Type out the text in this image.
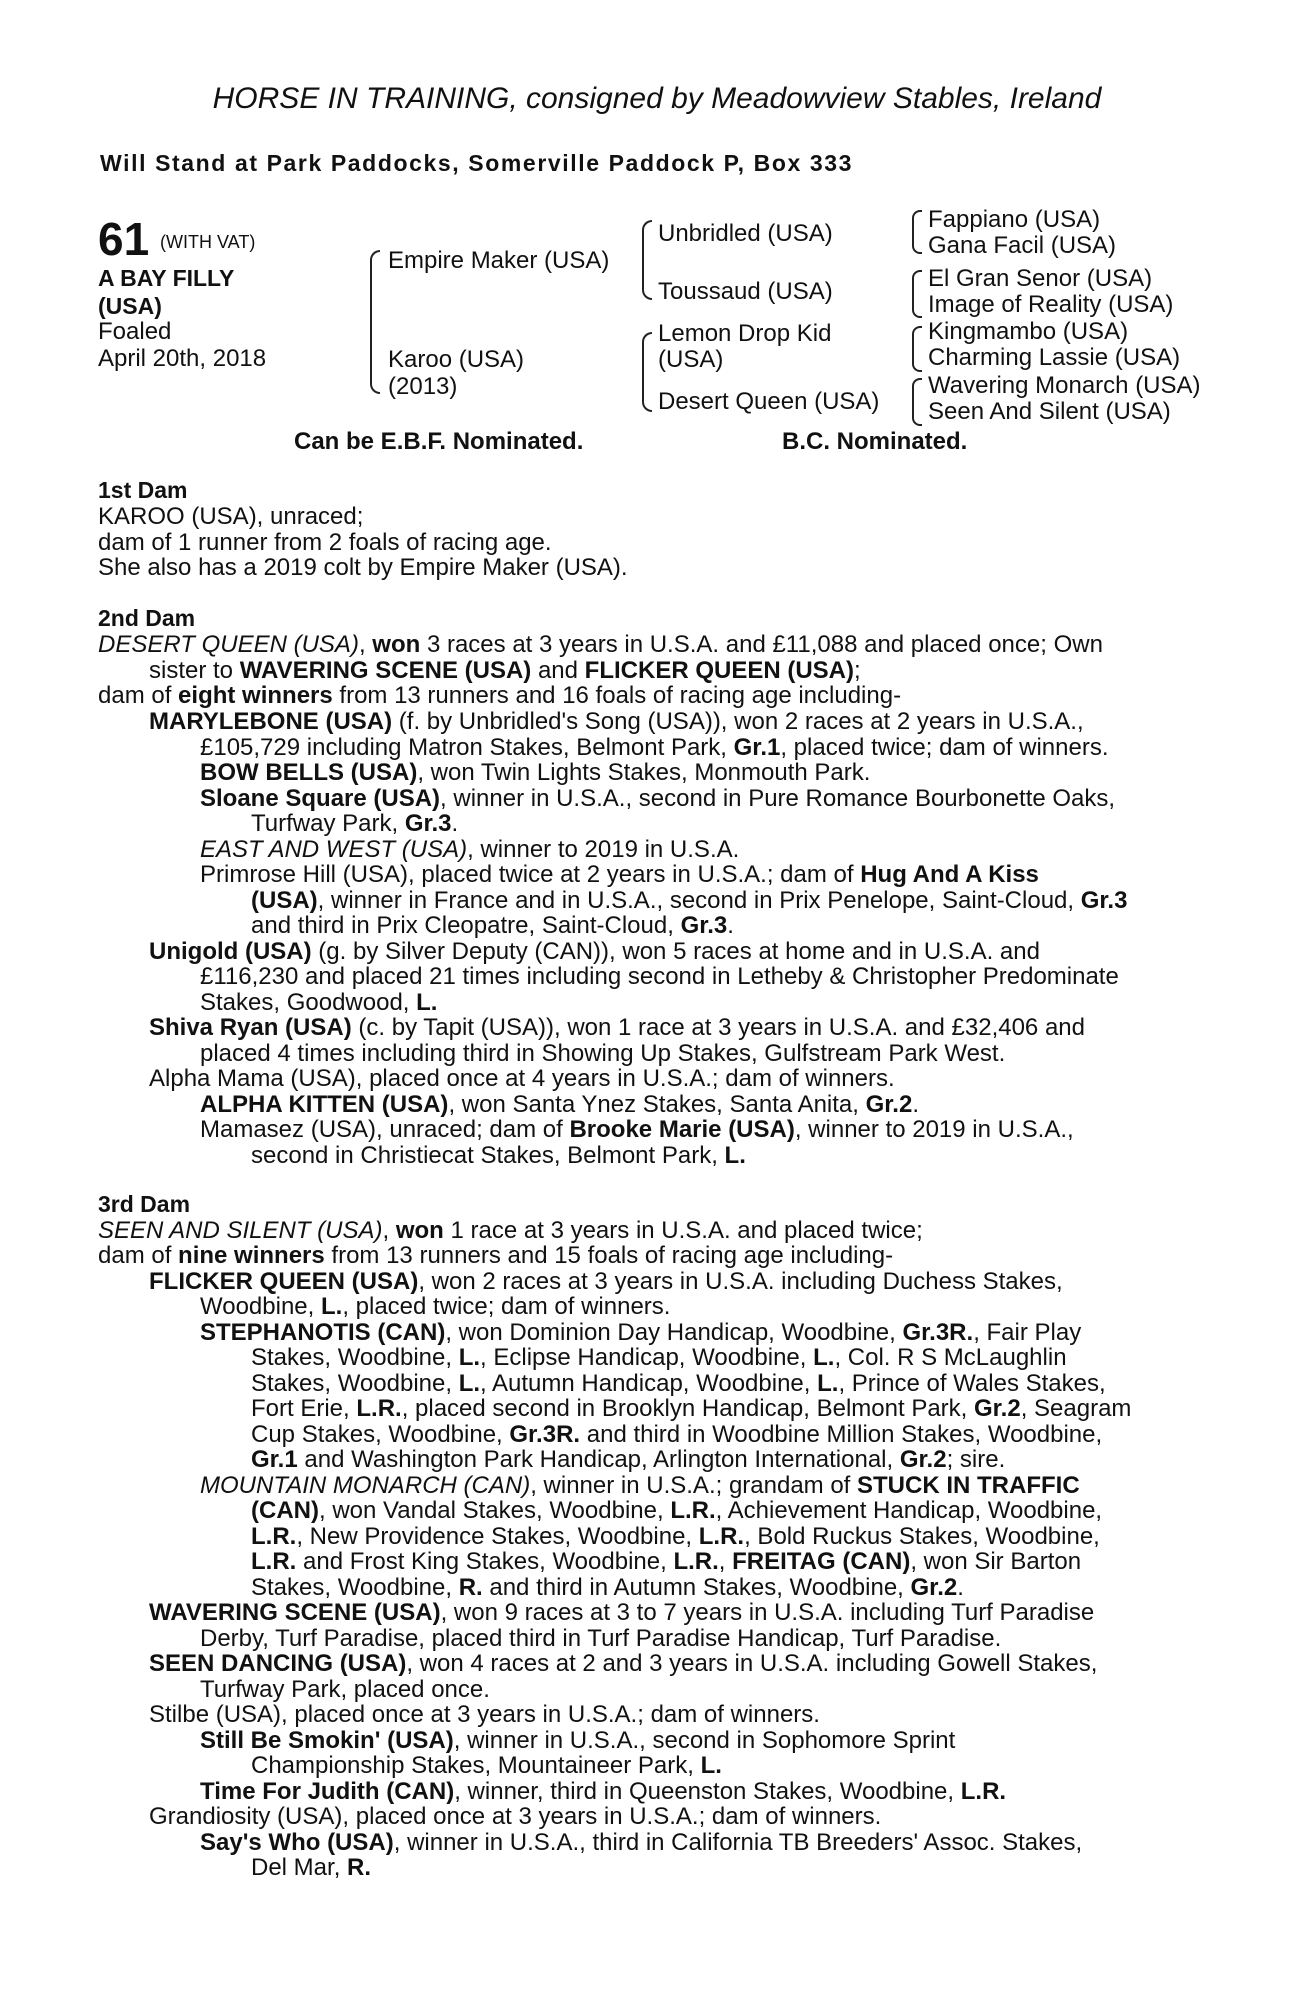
HORSE IN TRAINING, consigned by Meadowview Stables, Ireland
Will Stand at Park Paddocks, Somerville Paddock P, Box 333
61 (WITH VAT)
A BAY FILLY
(USA)
Foaled
April 20th, 2018
Empire Maker (USA)
Karoo (USA)
(2013)
Unbridled (USA)
Toussaud (USA)
Lemon Drop Kid
(USA)
Desert Queen (USA)
Fappiano (USA)
Gana Facil (USA)
El Gran Senor (USA)
Image of Reality (USA)
Kingmambo (USA)
Charming Lassie (USA)
Wavering Monarch (USA)
Seen And Silent (USA)
Can be E.B.F. Nominated.	B.C. Nominated.
1st Dam
KAROO (USA), unraced;
dam of 1 runner from 2 foals of racing age.
She also has a 2019 colt by Empire Maker (USA).
2nd Dam
DESERT QUEEN (USA), won 3 races at 3 years in U.S.A. and £11,088 and placed once; Own
sister to WAVERING SCENE (USA) and FLICKER QUEEN (USA);
dam of eight winners from 13 runners and 16 foals of racing age including-
MARYLEBONE (USA) (f. by Unbridled's Song (USA)), won 2 races at 2 years in U.S.A.,
£105,729 including Matron Stakes, Belmont Park, Gr.1, placed twice; dam of winners.
BOW BELLS (USA), won Twin Lights Stakes, Monmouth Park.
Sloane Square (USA), winner in U.S.A., second in Pure Romance Bourbonette Oaks,
Turfway Park, Gr.3.
EAST AND WEST (USA), winner to 2019 in U.S.A.
Primrose Hill (USA), placed twice at 2 years in U.S.A.; dam of Hug And A Kiss
(USA), winner in France and in U.S.A., second in Prix Penelope, Saint-Cloud, Gr.3
and third in Prix Cleopatre, Saint-Cloud, Gr.3.
Unigold (USA) (g. by Silver Deputy (CAN)), won 5 races at home and in U.S.A. and
£116,230 and placed 21 times including second in Letheby & Christopher Predominate
Stakes, Goodwood, L.
Shiva Ryan (USA) (c. by Tapit (USA)), won 1 race at 3 years in U.S.A. and £32,406 and
placed 4 times including third in Showing Up Stakes, Gulfstream Park West.
Alpha Mama (USA), placed once at 4 years in U.S.A.; dam of winners.
ALPHA KITTEN (USA), won Santa Ynez Stakes, Santa Anita, Gr.2.
Mamasez (USA), unraced; dam of Brooke Marie (USA), winner to 2019 in U.S.A.,
second in Christiecat Stakes, Belmont Park, L.
3rd Dam
SEEN AND SILENT (USA), won 1 race at 3 years in U.S.A. and placed twice;
dam of nine winners from 13 runners and 15 foals of racing age including-
FLICKER QUEEN (USA), won 2 races at 3 years in U.S.A. including Duchess Stakes,
Woodbine, L., placed twice; dam of winners.
STEPHANOTIS (CAN), won Dominion Day Handicap, Woodbine, Gr.3R., Fair Play
Stakes, Woodbine, L., Eclipse Handicap, Woodbine, L., Col. R S McLaughlin
Stakes, Woodbine, L., Autumn Handicap, Woodbine, L., Prince of Wales Stakes,
Fort Erie, L.R., placed second in Brooklyn Handicap, Belmont Park, Gr.2, Seagram
Cup Stakes, Woodbine, Gr.3R. and third in Woodbine Million Stakes, Woodbine,
Gr.1 and Washington Park Handicap, Arlington International, Gr.2; sire.
MOUNTAIN MONARCH (CAN), winner in U.S.A.; grandam of STUCK IN TRAFFIC
(CAN), won Vandal Stakes, Woodbine, L.R., Achievement Handicap, Woodbine,
L.R., New Providence Stakes, Woodbine, L.R., Bold Ruckus Stakes, Woodbine,
L.R. and Frost King Stakes, Woodbine, L.R., FREITAG (CAN), won Sir Barton
Stakes, Woodbine, R. and third in Autumn Stakes, Woodbine, Gr.2.
WAVERING SCENE (USA), won 9 races at 3 to 7 years in U.S.A. including Turf Paradise
Derby, Turf Paradise, placed third in Turf Paradise Handicap, Turf Paradise.
SEEN DANCING (USA), won 4 races at 2 and 3 years in U.S.A. including Gowell Stakes,
Turfway Park, placed once.
Stilbe (USA), placed once at 3 years in U.S.A.; dam of winners.
Still Be Smokin' (USA), winner in U.S.A., second in Sophomore Sprint
Championship Stakes, Mountaineer Park, L.
Time For Judith (CAN), winner, third in Queenston Stakes, Woodbine, L.R.
Grandiosity (USA), placed once at 3 years in U.S.A.; dam of winners.
Say's Who (USA), winner in U.S.A., third in California TB Breeders' Assoc. Stakes,
Del Mar, R.
